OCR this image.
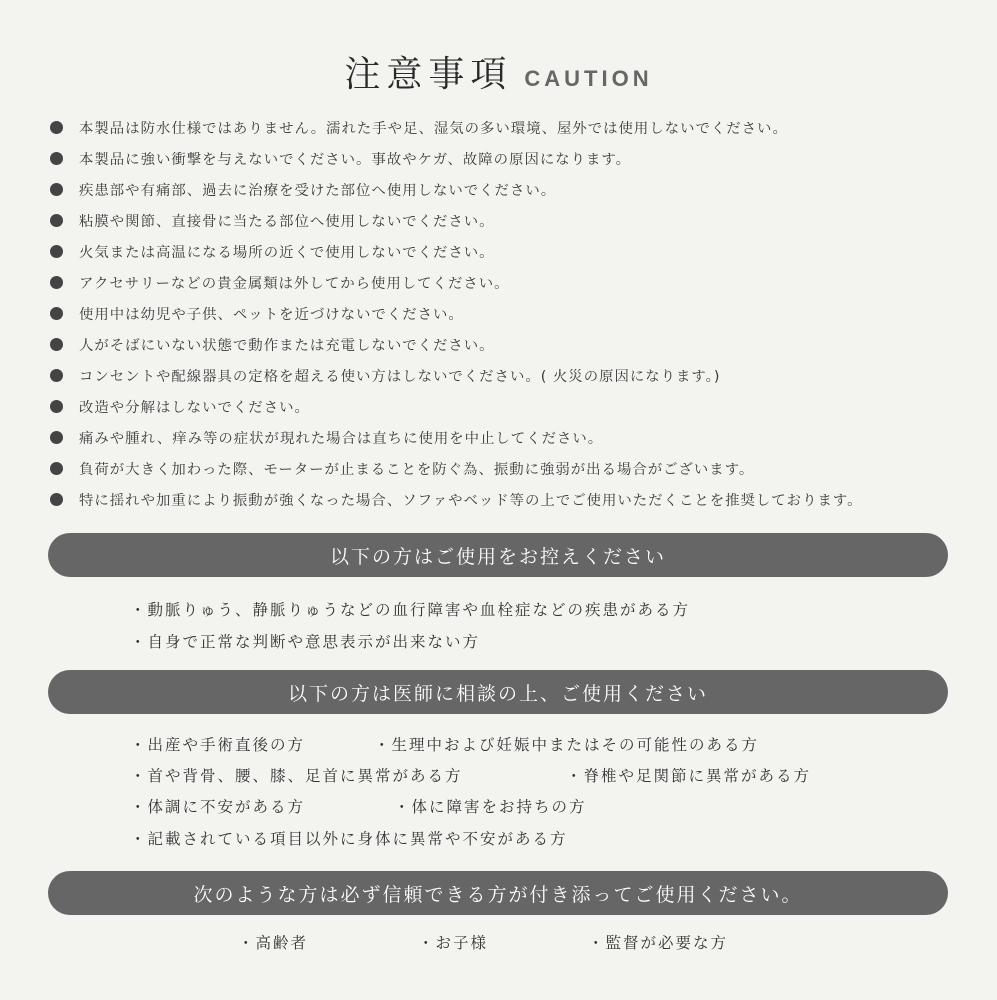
注意事項 CAUTION
本製品は防水仕様ではありません。濡れた手や足、湿気の多い環境、屋外では使用しないでください。
本製品に強い衝撃を与えないでください。事故やケガ、故障の原因になります。
疾患部や有痛部、過去に治療を受けた部位へ使用しないでください。
粘膜や関節、直接骨に当たる部位へ使用しないでください。
火気または高温になる場所の近くで使用しないでください。
アクセサリーなどの貴金属類は外してから使用してください。
使用中は幼児や子供、ペットを近づけないでください。
人がそばにいない状態で動作または充電しないでください。
コンセントや配線器具の定格を超える使い方はしないでください。( 火災の原因になります。)
改造や分解はしないでください。
痛みや腫れ、痒み等の症状が現れた場合は直ちに使用を中止してください。
負荷が大きく加わった際、モーターが止まることを防ぐ為、振動に強弱が出る場合がございます。
特に揺れや加重により振動が強くなった場合、ソファやベッド等の上でご使用いただくことを推奨しております。
以下の方はご使用をお控えください
・動脈りゅう、静脈りゅうなどの血行障害や血栓症などの疾患がある方
・自身で正常な判断や意思表示が出来ない方
以下の方は医師に相談の上、ご使用ください
・出産や手術直後の方	・生理中および妊娠中またはその可能性のある方
・首や背骨、腰、膝、足首に異常がある方	・脊椎や足関節に異常がある方
・体調に不安がある方	・体に障害をお持ちの方
・記載されている項目以外に身体に異常や不安がある方
次のような方は必ず信頼できる方が付き添ってご使用ください。
・高齢者	・お子様	・監督が必要な方
